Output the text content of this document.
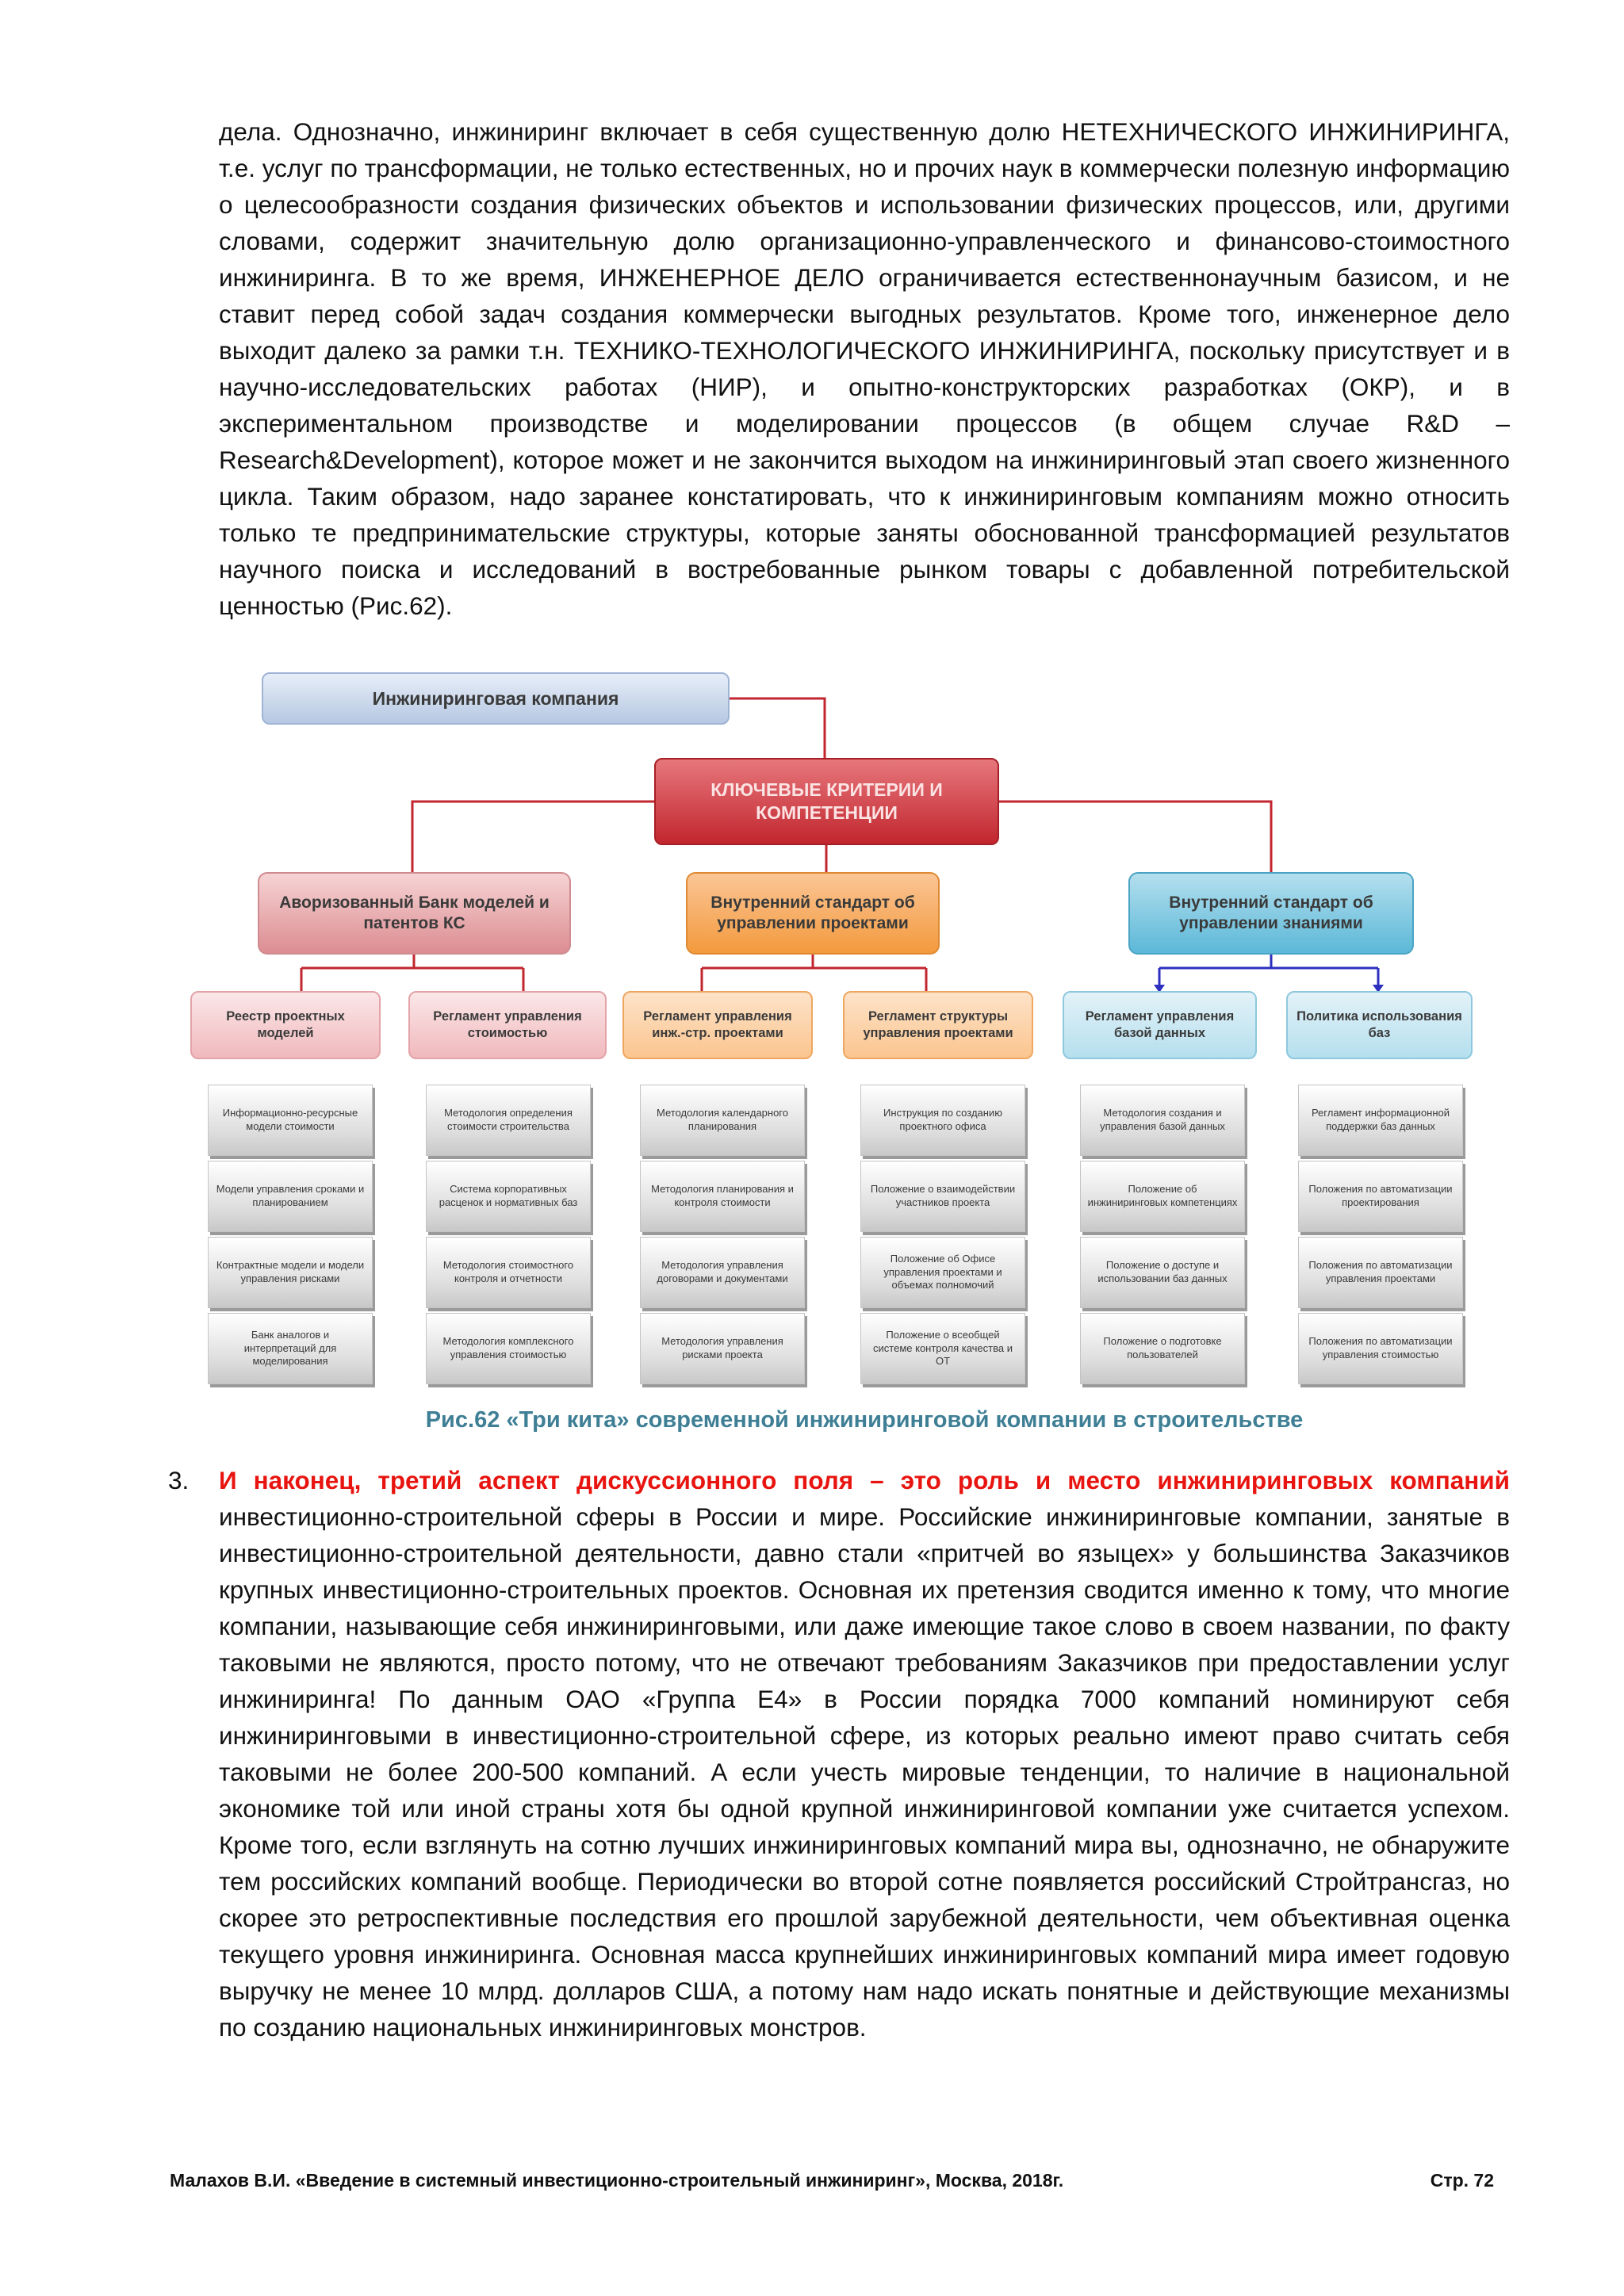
дела. Однозначно, инжиниринг включает в себя существенную долю НЕТЕХНИЧЕСКОГО ИНЖИНИРИНГА, т.е. услуг по трансформации, не только естественных, но и прочих наук в коммерчески полезную информацию о целесообразности создания физических объектов и использовании физических процессов, или, другими словами, содержит значительную долю организационно-управленческого и финансово-стоимостного инжиниринга. В то же время, ИНЖЕНЕРНОЕ ДЕЛО ограничивается естественнонаучным базисом, и не ставит перед собой задач создания коммерчески выгодных результатов. Кроме того, инженерное дело выходит далеко за рамки т.н. ТЕХНИКО-ТЕХНОЛОГИЧЕСКОГО ИНЖИНИРИНГА, поскольку присутствует и в научно-исследовательских работах (НИР), и опытно-конструкторских разработках (ОКР), и в экспериментальном производстве и моделировании процессов (в общем случае R&D – Research&Development), которое может и не закончится выходом на инжиниринговый этап своего жизненного цикла. Таким образом, надо заранее констатировать, что к инжиниринговым компаниям можно относить только те предпринимательские структуры, которые заняты обоснованной трансформацией результатов научного поиска и исследований в востребованные рынком товары с добавленной потребительской ценностью (Рис.62).

Инжиниринговая компания
КЛЮЧЕВЫЕ КРИТЕРИИ И КОМПЕТЕНЦИИ
Аворизованный Банк моделей и патентов КС
Внутренний стандарт об управлении проектами
Внутренний стандарт об управлении знаниями
Реестр проектных моделей
Регламент управления стоимостью
Регламент управления инж.-стр. проектами
Регламент структуры управления проектами
Регламент управления базой данных
Политика использования баз
Информационно-ресурсные модели стоимости
Модели управления сроками и планированием
Контрактные модели и модели управления рисками
Банк аналогов и интерпретаций для моделирования
Методология определения стоимости строительства
Система корпоративных расценок и нормативных баз
Методология стоимостного контроля и отчетности
Методология комплексного управления стоимостью
Методология календарного планирования
Методология планирования и контроля стоимости
Методология управления договорами и документами
Методология управления рисками проекта
Инструкция по созданию проектного офиса
Положение о взаимодействии участников проекта
Положение об Офисе управления проектами и объемах полномочий
Положение о всеобщей системе контроля качества и ОТ
Методология создания и управления базой данных
Положение об инжиниринговых компетенциях
Положение о доступе и использовании баз данных
Положение о подготовке пользователей
Регламент информационной поддержки баз данных
Положения по автоматизации проектирования
Положения по автоматизации управления проектами
Положения по автоматизации управления стоимостью
Рис.62 «Три кита» современной инжиниринговой компании в строительстве
3. И наконец, третий аспект дискуссионного поля – это роль и место инжиниринговых компаний инвестиционно-строительной сферы в России и мире. Российские инжиниринговые компании, занятые в инвестиционно-строительной деятельности, давно стали «притчей во языцех» у большинства Заказчиков крупных инвестиционно-строительных проектов. Основная их претензия сводится именно к тому, что многие компании, называющие себя инжиниринговыми, или даже имеющие такое слово в своем названии, по факту таковыми не являются, просто потому, что не отвечают требованиям Заказчиков при предоставлении услуг инжиниринга! По данным ОАО «Группа Е4» в России порядка 7000 компаний номинируют себя инжиниринговыми в инвестиционно-строительной сфере, из которых реально имеют право считать себя таковыми не более 200-500 компаний. А если учесть мировые тенденции, то наличие в национальной экономике той или иной страны хотя бы одной крупной инжиниринговой компании уже считается успехом. Кроме того, если взглянуть на сотню лучших инжиниринговых компаний мира вы, однозначно, не обнаружите тем российских компаний вообще. Периодически во второй сотне появляется российский Стройтрансгаз, но скорее это ретроспективные последствия его прошлой зарубежной деятельности, чем объективная оценка текущего уровня инжиниринга. Основная масса крупнейших инжиниринговых компаний мира имеет годовую выручку не менее 10 млрд. долларов США, а потому нам надо искать понятные и действующие механизмы по созданию национальных инжиниринговых монстров.

Малахов В.И. «Введение в системный инвестиционно-строительный инжиниринг», Москва, 2018г.	Стр. 72
